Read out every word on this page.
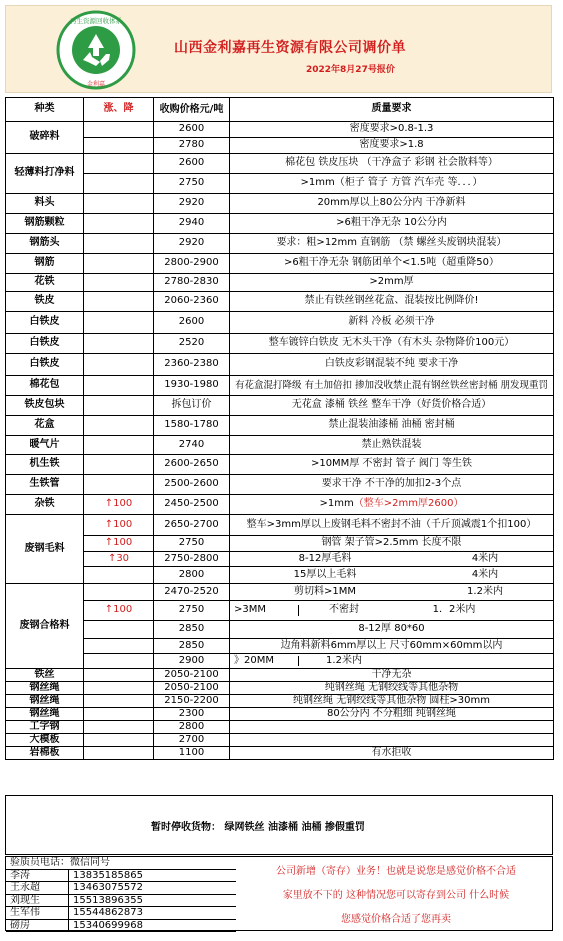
再生资源回收体系
金利嘉
山西金利嘉再生资源有限公司调价单
2022年8月27号报价
种类	涨、降	收购价格元/吨	质量要求
破碎料		2600	密度要求>0.8-1.3
		2780	密度要求>1.8
轻薄料打净料		2600	棉花包 铁皮压块 （干净盒子 彩钢 社会散料等）
		2750	>1mm（柜子 管子 方管 汽车壳 等．．．）
料头		2920	20mm厚以上80公分内 干净新料
钢筋颗粒		2940	>6粗干净无杂 10公分内
钢筋头		2920	要求：粗>12mm 直钢筋 （禁 螺丝头废钢块混装）
钢筋		2800-2900	>6粗干净无杂 钢筋团单个<1.5吨（超重降50）
花铁		2780-2830	>2mm厚
铁皮		2060-2360	禁止有铁丝钢丝花盒、混装按比例降价!
白铁皮		2600	新料 冷板 必须干净
白铁皮		2520	整车镀锌白铁皮 无木头干净（有木头 杂物降价100元）
白铁皮		2360-2380	白铁皮彩钢混装不纯 要求干净
棉花包		1930-1980	有花盒混打降级 有土加倍扣 掺加没收禁止混有钢丝铁丝密封桶 朋发现重罚
铁皮包块		拆包订价	无花盒 漆桶 铁丝 整车干净（好货价格合适）
花盒		1580-1780	禁止混装油漆桶 油桶 密封桶
暖气片		2740	禁止熟铁混装
机生铁		2600-2650	>10MM厚 不密封 管子 阀门 等生铁
生铁管		2500-2600	要求干净 不干净的加扣2-3个点
杂铁	↑100	2450-2500	>1mm（整车>2mm厚2600）
废钢毛料	↑100	2650-2700	整车>3mm厚以上废钢毛料不密封不油（千斤顶减震1个扣100）
	↑100	2750	钢管 架子管>2.5mm 长度不限
	↑30	2750-2800	8-12厚毛料 4米内

		2800	15厚以上毛料 4米内

废钢合格料		2470-2520	剪切料>1MM 1.2米内

	↑100	2750	>3MM 不密封 1．2米内

		2850	8-12厚 80*60
		2850	边角料新料6mm厚以上 尺寸60mm×60mm以内
		2900	》20MM 1.2米内

铁丝		2050-2100	干净无杂
钢丝绳		2050-2100	纯钢丝绳 无钢绞线等其他杂物
钢丝绳		2150-2200	纯钢丝绳 无钢绞线等其他杂物 圆柱>30mm
钢丝绳		2300	80公分内 不分粗细 纯钢丝绳
工字钢		2800	
大模板		2700	
岩棉板		1100	有水拒收
暂时停收货物： 绿网铁丝 油漆桶 油桶 掺假重罚
验质员电话：微信同号	
李涛	13835185865
王永超	13463075572
刘现生	15513896355
生军伟	15544862873
磅房	15340699968
公司新增（寄存）业务！也就是说您是感觉价格不合适
家里放不下的 这种情况您可以寄存到公司 什么时候
您感觉价格合适了您再卖
